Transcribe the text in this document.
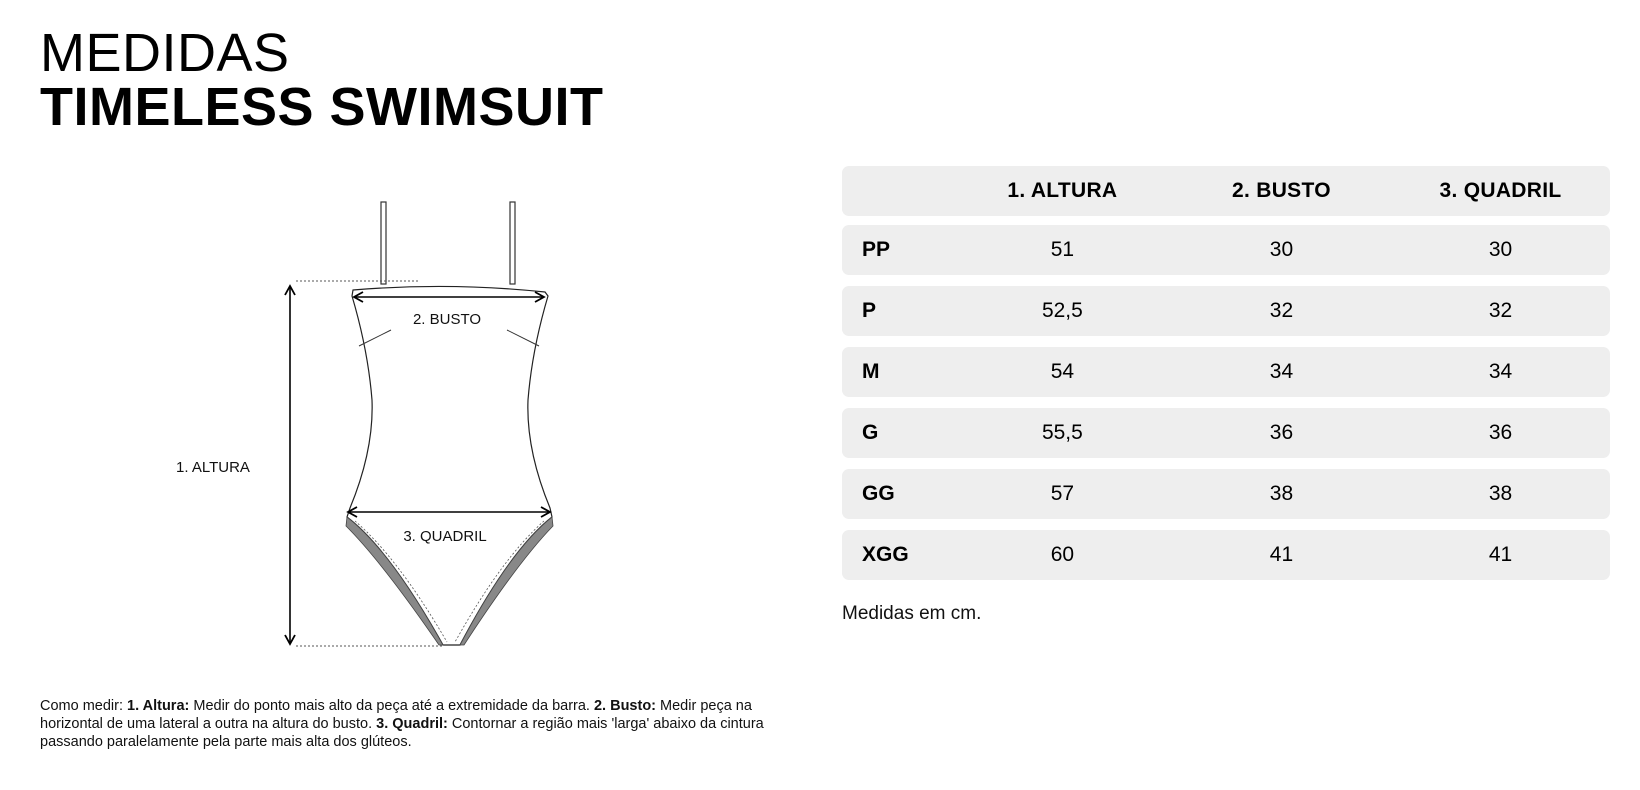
MEDIDAS
TIMELESS SWIMSUIT
1. ALTURA
2. BUSTO
3. QUADRIL
Como medir: 1. Altura: Medir do ponto mais alto da peça até a extremidade da barra. 2. Busto: Medir peça na horizontal de uma lateral a outra na altura do busto. 3. Quadril: Contornar a região mais 'larga' abaixo da cintura passando paralelamente pela parte mais alta dos glúteos.
1. ALTURA	2. BUSTO	3. QUADRIL
PP	51	30	30
P	52,5	32	32
M	54	34	34
G	55,5	36	36
GG	57	38	38
XGG	60	41	41
Medidas em cm.
